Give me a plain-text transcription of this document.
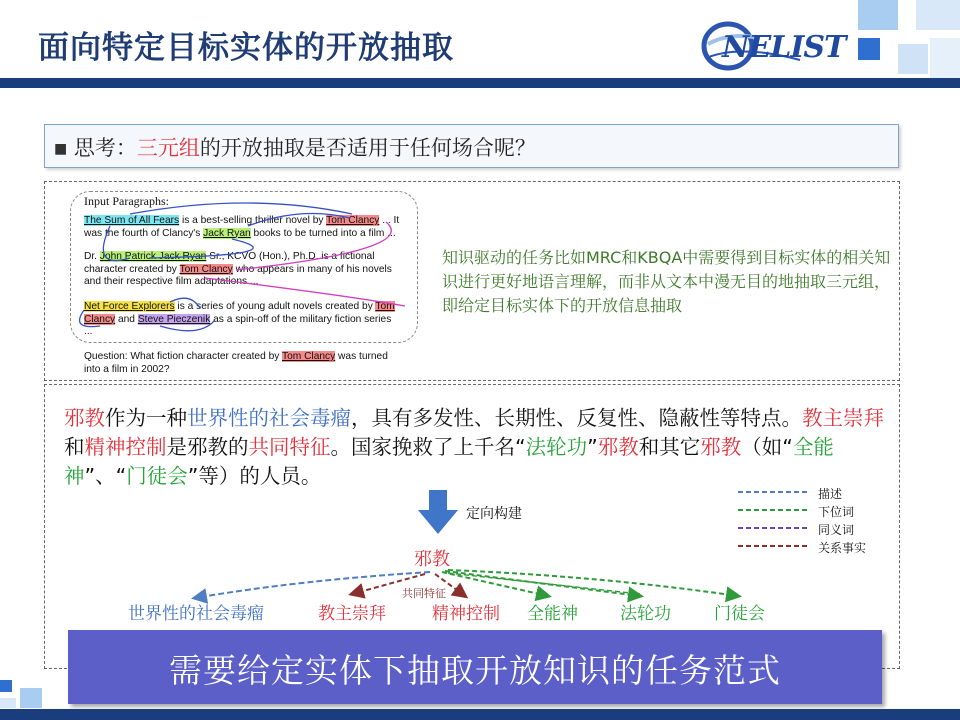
面向特定目标实体的开放抽取	NELIST
■ 思考：三元组的开放抽取是否适用于任何场合呢？
Input Paragraphs:
The Sum of All Fears is a best-selling thriller novel by Tom Clancy ... It
was the fourth of Clancy's Jack Ryan books to be turned into a film ...
Dr. John Patrick Jack Ryan Sr., KCVO (Hon.), Ph.D. is a fictional
character created by Tom Clancy who appears in many of his novels
and their respective film adaptations ...
Net Force Explorers is a series of young adult novels created by Tom
Clancy and Steve Pieczenik as a spin-off of the military fiction series
...
Question: What fiction character created by Tom Clancy was turned
into a film in 2002?
知识驱动的任务比如MRC和KBQA中需要得到目标实体的相关知识进行更好地语言理解，而非从文本中漫无目的地抽取三元组，即给定目标实体下的开放信息抽取
邪教作为一种世界性的社会毒瘤，具有多发性、长期性、反复性、隐蔽性等特点。教主崇拜和精神控制是邪教的共同特征。国家挽救了上千名“法轮功”邪教和其它邪教（如“全能神”、“门徒会”等）的人员。
定向构建
描述
下位词
同义词
关系事实
邪教
共同特征
世界性的社会毒瘤	教主崇拜	精神控制 全能神 法轮功	门徒会
需要给定实体下抽取开放知识的任务范式
